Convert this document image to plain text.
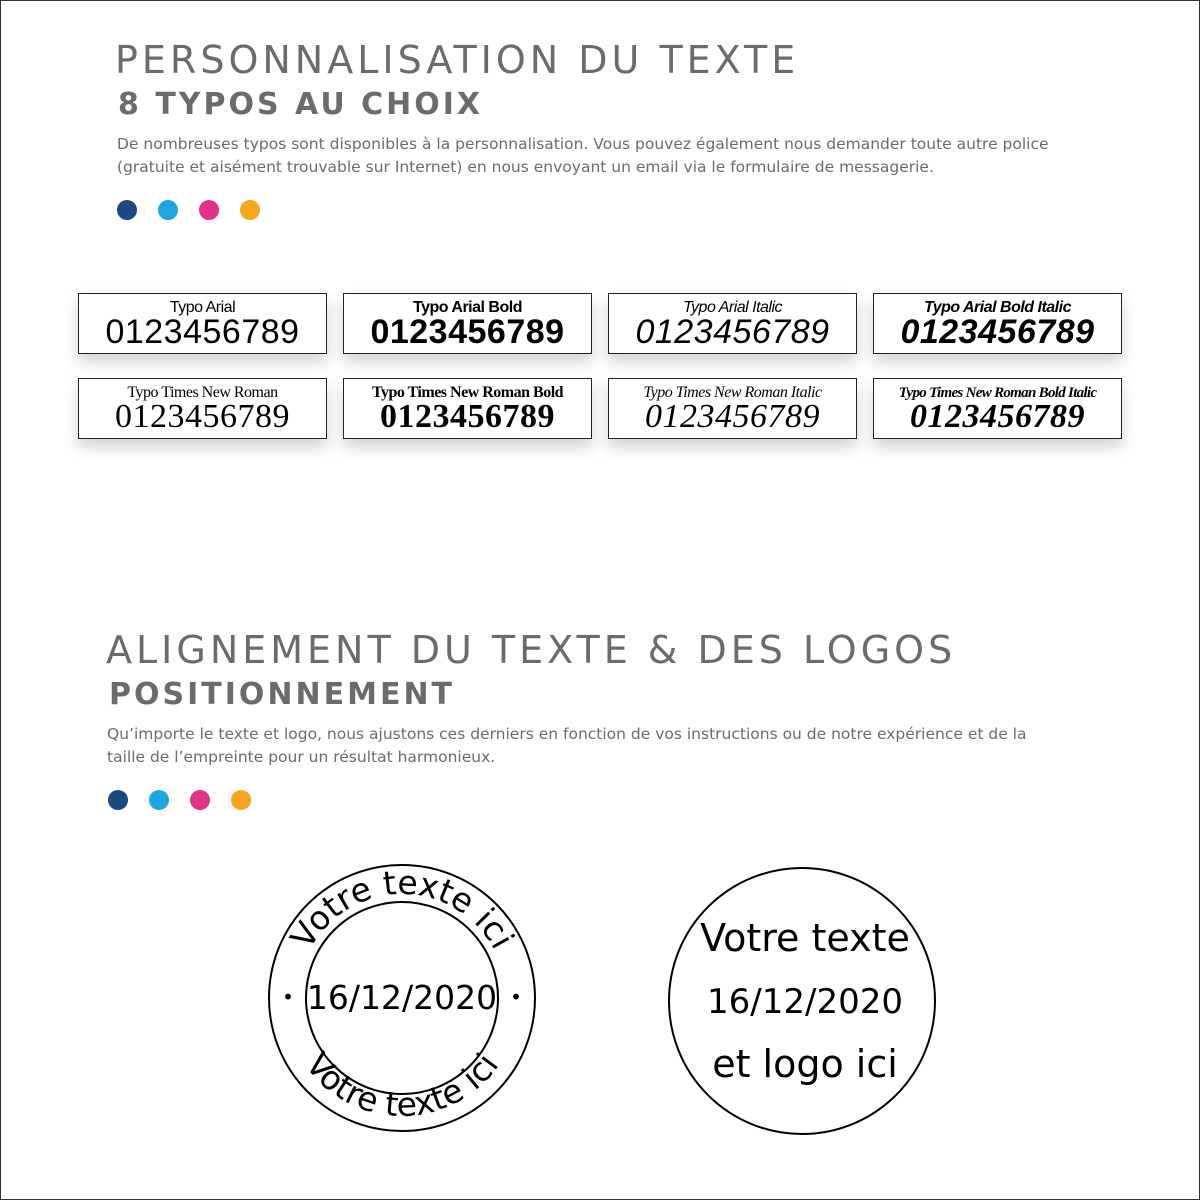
PERSONNALISATION DU TEXTE
8 TYPOS AU CHOIX

De nombreuses typos sont disponibles à la personnalisation. Vous pouvez également nous demander toute autre police (gratuite et aisément trouvable sur Internet) en nous envoyant un email via le formulaire de messagerie.

Typo Arial
0123456789
Typo Arial Bold
0123456789
Typo Arial Italic
0123456789
Typo Arial Bold Italic
0123456789
Typo Times New Roman
0123456789
Typo Times New Roman Bold
0123456789
Typo Times New Roman Italic
0123456789
Typo Times New Roman Bold Italic
0123456789
ALIGNEMENT DU TEXTE & DES LOGOS
POSITIONNEMENT

Qu’importe le texte et logo, nous ajustons ces derniers en fonction de vos instructions ou de notre expérience et de la taille de l’empreinte pour un résultat harmonieux.

Votre texte ici
Votre texte ici
16/12/2020
•	•
Votre texte
16/12/2020
et logo ici
